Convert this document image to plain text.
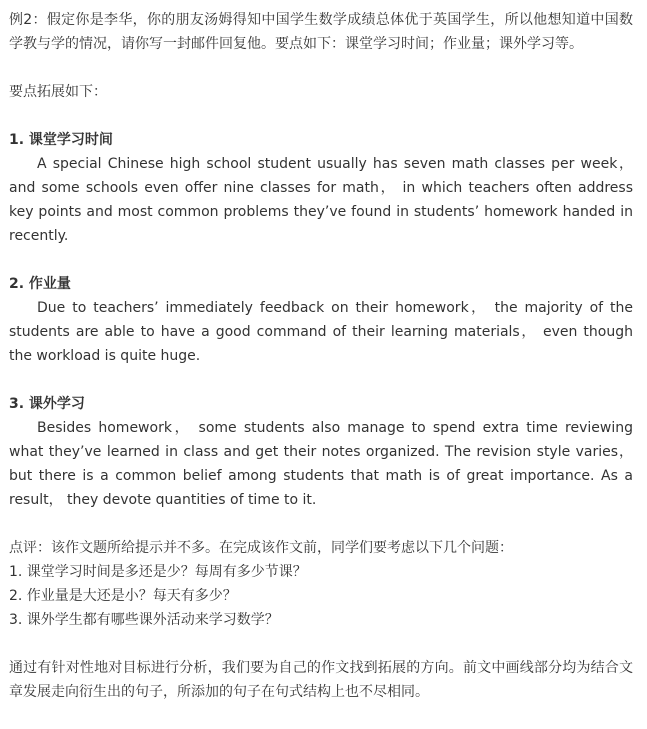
例2：假定你是李华，你的朋友汤姆得知中国学生数学成绩总体优于英国学生，所以他想知道中国数学教与学的情况，请你写一封邮件回复他。要点如下：课堂学习时间；作业量；课外学习等。

要点拓展如下：

1. 课堂学习时间

A special Chinese high school student usually has seven math classes per week，and some schools even offer nine classes for math， in which teachers often address key points and most common problems they’ve found in students’ homework handed in recently.

2. 作业量

Due to teachers’ immediately feedback on their homework， the majority of the students are able to have a good command of their learning materials， even though the workload is quite huge.

3. 课外学习

Besides homework， some students also manage to spend extra time reviewing what they’ve learned in class and get their notes organized. The revision style varies，but there is a common belief among students that math is of great importance. As a result， they devote quantities of time to it.

点评：该作文题所给提示并不多。在完成该作文前，同学们要考虑以下几个问题：

1. 课堂学习时间是多还是少？每周有多少节课？

2. 作业量是大还是小？每天有多少？

3. 课外学生都有哪些课外活动来学习数学？

通过有针对性地对目标进行分析，我们要为自己的作文找到拓展的方向。前文中画线部分均为结合文章发展走向衍生出的句子，所添加的句子在句式结构上也不尽相同。
